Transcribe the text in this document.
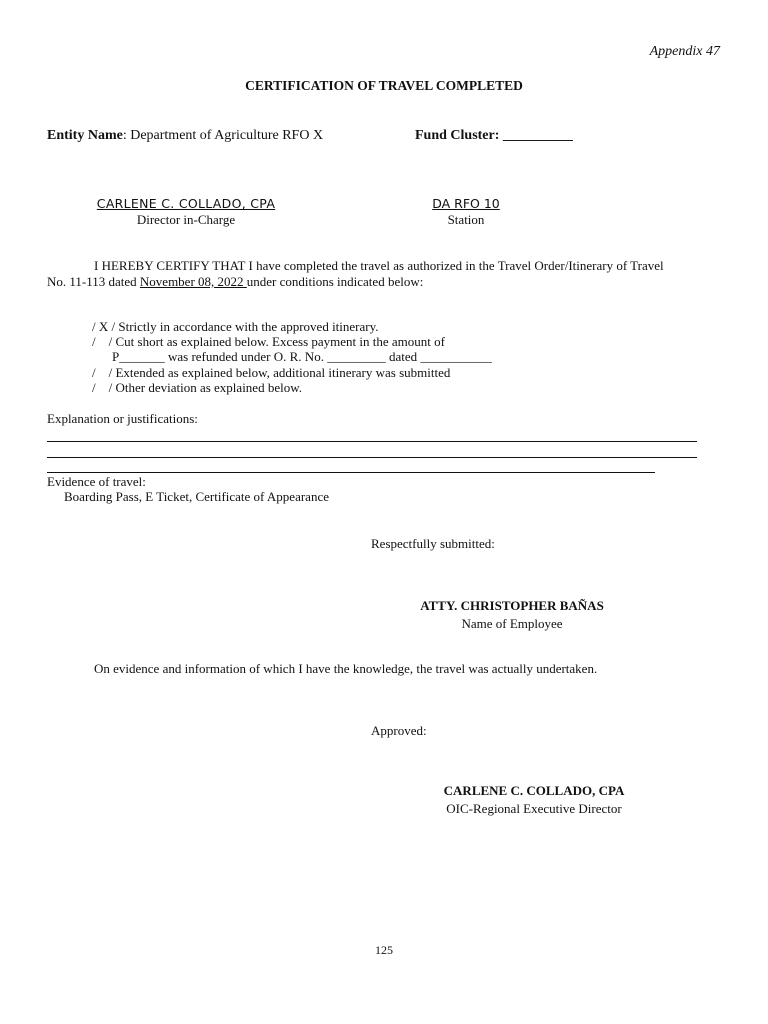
Appendix 47
CERTIFICATION OF TRAVEL COMPLETED
Entity Name: Department of Agriculture RFO X	Fund Cluster: __________
CARLENE C. COLLADO, CPA
Director in-Charge
DA RFO 10
Station
I HEREBY CERTIFY THAT I have completed the travel as authorized in the Travel Order/Itinerary of Travel
No. 11-113 dated November 08, 2022 under conditions indicated below:
/ X / Strictly in accordance with the approved itinerary.
/    / Cut short as explained below. Excess payment in the amount of
P_______ was refunded under O. R. No. _________ dated ___________
/    / Extended as explained below, additional itinerary was submitted
/    / Other deviation as explained below.
Explanation or justifications:
Evidence of travel:
Boarding Pass, E Ticket, Certificate of Appearance
Respectfully submitted:
ATTY. CHRISTOPHER BAÑAS
Name of Employee
On evidence and information of which I have the knowledge, the travel was actually undertaken.
Approved:
CARLENE C. COLLADO, CPA
OIC-Regional Executive Director
125
